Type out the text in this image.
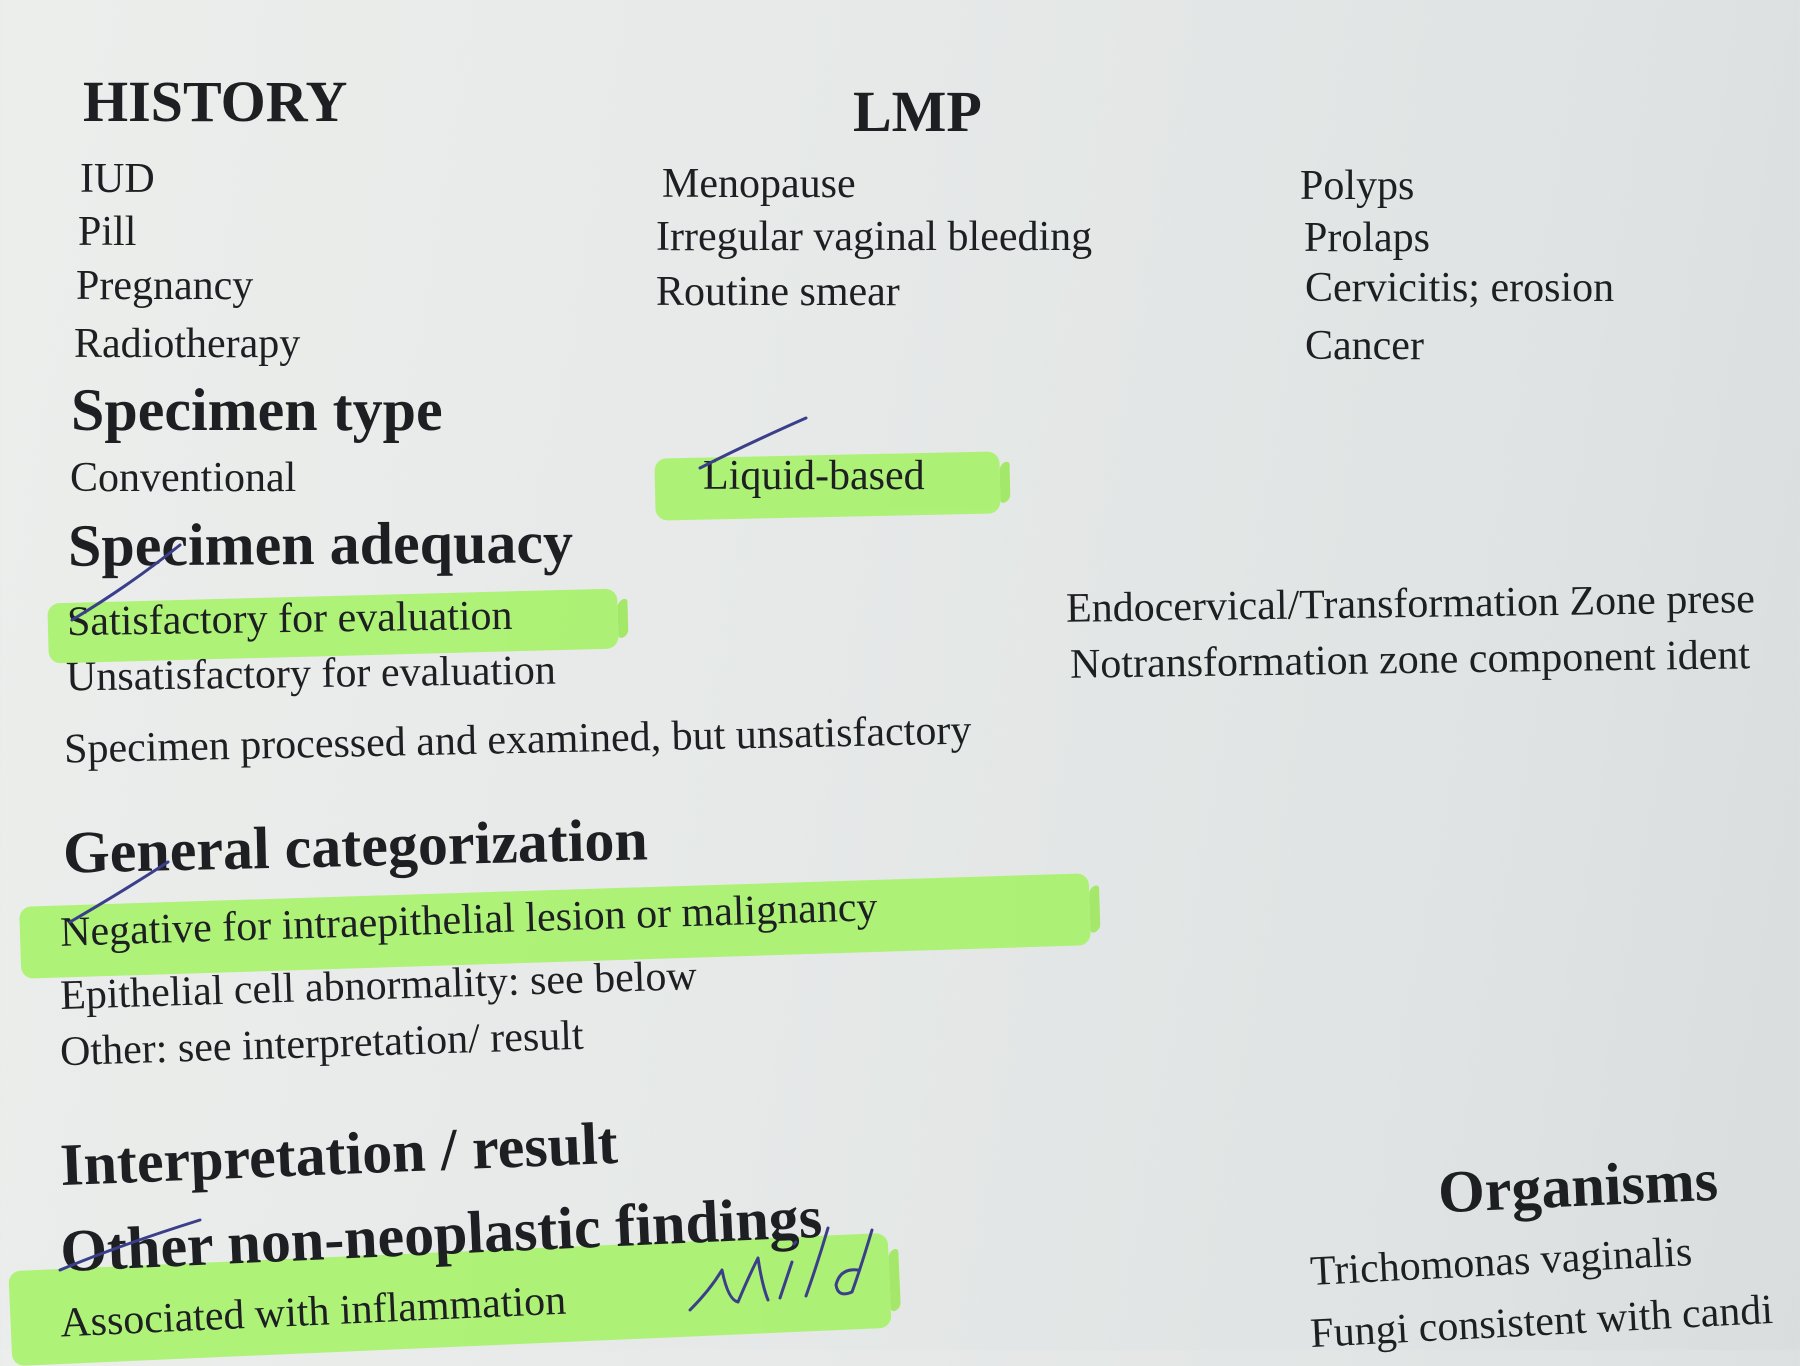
HISTORY	LMP
IUD
Pill
Pregnancy
Radiotherapy
Menopause
Irregular vaginal bleeding
Routine smear
Polyps
Prolaps
Cervicitis; erosion
Cancer
Specimen type
Conventional	Liquid-based
Specimen adequacy
Satisfactory for evaluation
Unsatisfactory for evaluation
Endocervical/Transformation Zone prese
Notransformation zone component ident
Specimen processed and examined, but unsatisfactory
General categorization
Negative for intraepithelial lesion or malignancy
Epithelial cell abnormality: see below
Other: see interpretation/ result
Interpretation / result
Other non-neoplastic findings
Associated with inflammation
Organisms
Trichomonas vaginalis
Fungi consistent with candi
